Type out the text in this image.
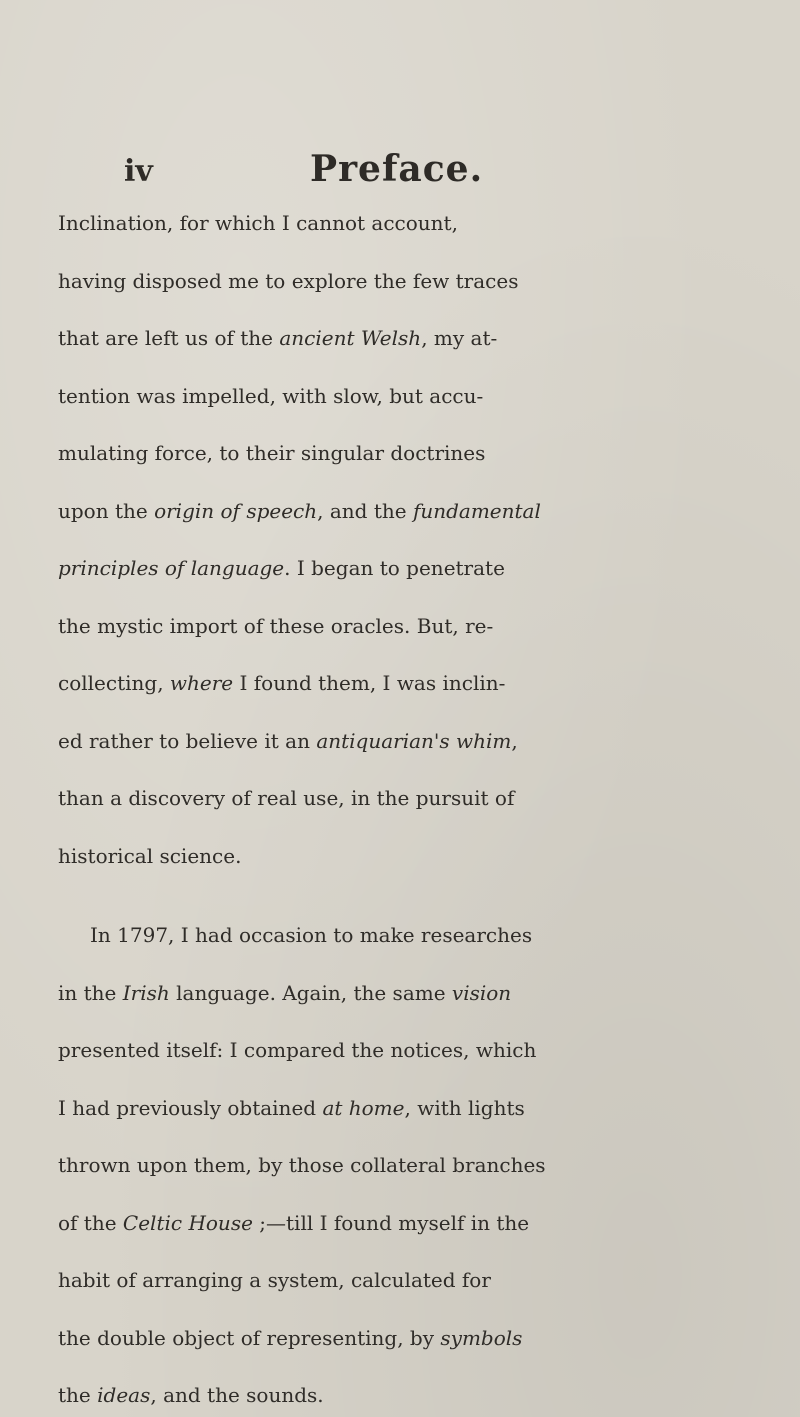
iv	Preface.
Inclination, for which I cannot account,
having disposed me to explore the few traces
that are left us of the ancient Welsh, my at-
tention was impelled, with slow, but accu-
mulating force, to their singular doctrines
upon the origin of speech, and the fundamental
principles of language. I began to penetrate
the mystic import of these oracles. But, re-
collecting, where I found them, I was inclin-
ed rather to believe it an antiquarian's whim,
than a discovery of real use, in the pursuit of
historical science.
In 1797, I had occasion to make researches
in the Irish language. Again, the same vision
presented itself: I compared the notices, which
I had previously obtained at home, with lights
thrown upon them, by those collateral branches
of the Celtic House ;—till I found myself in the
habit of arranging a system, calculated for
the double object of representing, by symbols
the ideas, and the sounds.
